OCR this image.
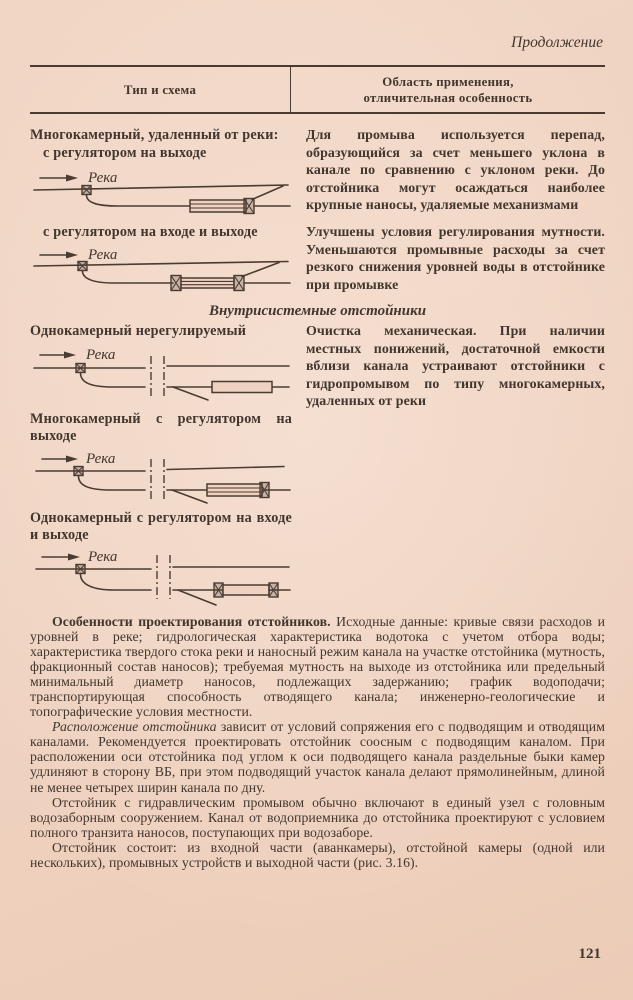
Продолжение
Тип и схема
Область применения,
отличительная особенность
Многокамерный, удаленный от реки:
с регулятором на выходе
Река
Для промыва используется перепад, образующийся за счет меньшего уклона в канале по сравнению с уклоном реки. До отстойника могут осаждаться наиболее крупные наносы, удаляемые механизмами
с регулятором на входе и выходе
Река
Улучшены условия регулирования мутности. Уменьшаются промывные расходы за счет резкого снижения уровней воды в отстойнике при промывке
Внутрисистемные отстойники
Однокамерный нерегулируемый
Река
Очистка механическая. При наличии местных понижений, достаточной емкости вблизи канала устраивают отстойники с гидропромывом по типу многокамерных, удаленных от реки
Многокамерный с регулятором на выходе
Река
Однокамерный с регулятором на входе и выходе
Река

Особенности проектирования отстойников. Исходные данные: кривые связи расходов и уровней в реке; гидрологическая характеристика водотока с учетом отбора воды; характеристика твердого стока реки и наносный режим канала на участке отстойника (мутность, фракционный состав наносов); требуемая мутность на выходе из отстойника или предельный минимальный диаметр наносов, подлежащих задержанию; график водоподачи; транспортирующая способность отводящего канала; инженерно-геологические и топографические условия местности.

Расположение отстойника зависит от условий сопряжения его с подводящим и отводящим каналами. Рекомендуется проектировать отстойник соосным с подводящим каналом. При расположении оси отстойника под углом к оси подводящего канала раздельные быки камер удлиняют в сторону ВБ, при этом подводящий участок канала делают прямолинейным, длиной не менее четырех ширин канала по дну.

Отстойник с гидравлическим промывом обычно включают в единый узел с головным водозаборным сооружением. Канал от водоприемника до отстойника проектируют с условием полного транзита наносов, поступающих при водозаборе.

Отстойник состоит: из входной части (аванкамеры), отстойной камеры (одной или нескольких), промывных устройств и выходной части (рис. 3.16).

121
